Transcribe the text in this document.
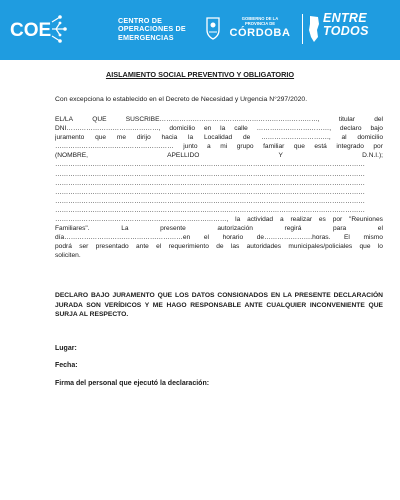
COE	CENTRO DE
OPERACIONES DE
EMERGENCIAS
GOBIERNO DE LA
PROVINCIA DE
CÓRDOBA
ENTRE
TODOS
AISLAMIENTO SOCIAL PREVENTIVO Y OBLIGATORIO
Con excepciona lo establecido en el Decreto de Necesidad y Urgencia N°297/2020.
EL/LA	QUE	SUSCRIBE………………………………………………………………,	titular	del
DNI……………………………………, domicilio en la calle ……………………………, declaro bajo
juramento que me dirijo hacia la Localidad de …………………………., al domicilio
……………………………………………… junto a mi grupo familiar que está integrado por
(NOMBRE,	APELLIDO	Y	D.N.I.);
……………………………………………………………………………………………………………………………
……………………………………………………………………………………………………………………………
……………………………………………………………………………………………………………………………
……………………………………………………………………………………………………………………………
……………………………………………………………………………………………………………………………
……………………………………………………………………………………………………………………………
……………………………………………………………………, la actividad a realizar es por "Reuniones
Familiares".	La	presente	autorización	regirá	para	el
día………………………………………………en el horario de………………….horas. El mismo
podrá ser presentado ante el requerimiento de las autoridades municipales/policiales que lo
soliciten.
DECLARO BAJO JURAMENTO QUE LOS DATOS CONSIGNADOS EN LA PRESENTE DECLARACIÓN JURADA SON VERÍDICOS Y ME HAGO RESPONSABLE ANTE CUALQUIER INCONVENIENTE QUE SURJA AL RESPECTO.
Lugar:
Fecha:
Firma del personal que ejecutó la declaración:
